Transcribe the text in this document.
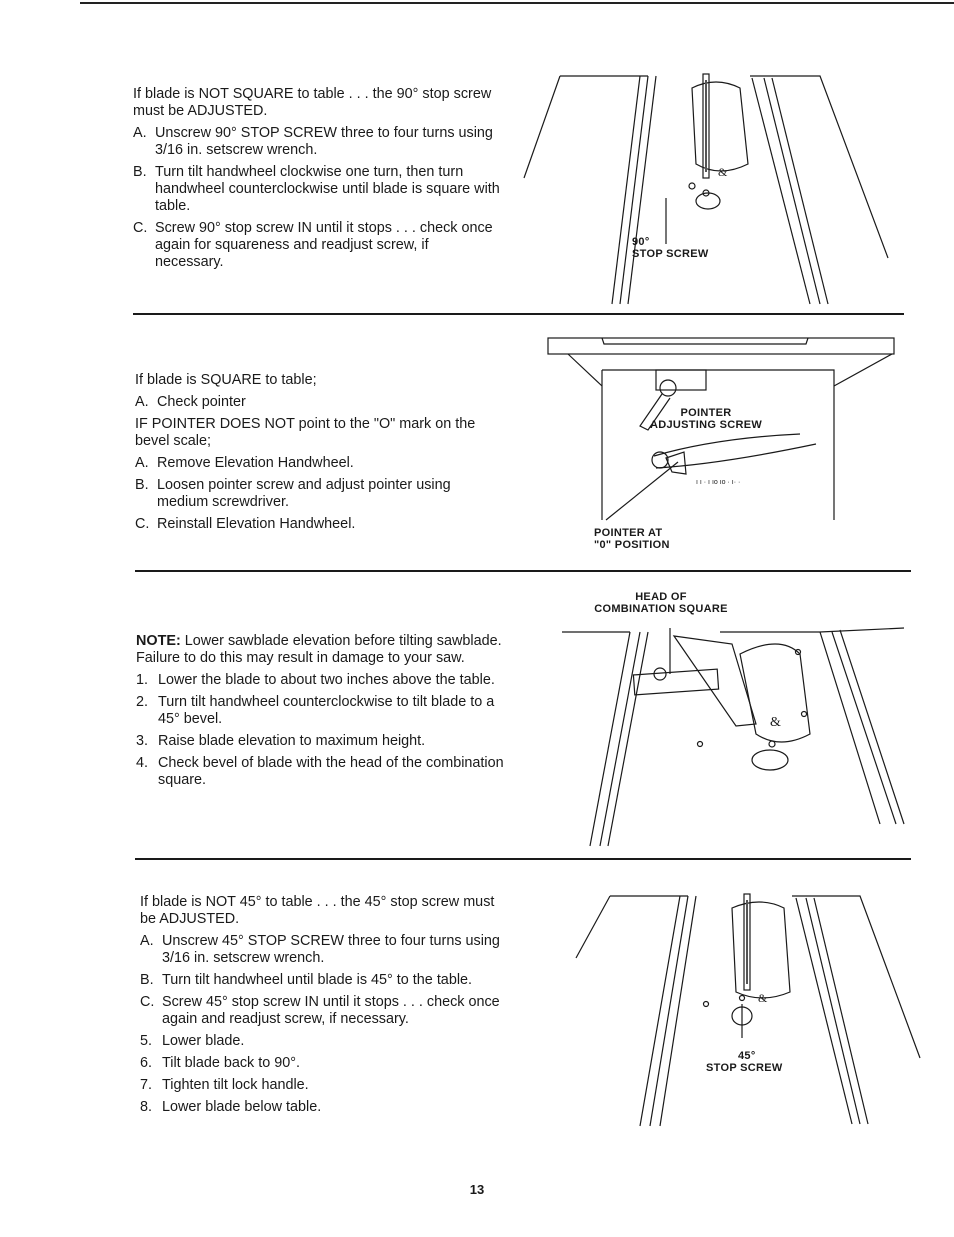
If blade is NOT SQUARE to table . . . the 90° stop screw must be ADJUSTED.

A. Unscrew 90° STOP SCREW three to four turns using 3/16 in. setscrew wrench.
B. Turn tilt handwheel clockwise one turn, then turn handwheel counterclockwise until blade is square with table.
C. Screw 90° stop screw IN until it stops . . . check once again for squareness and readjust screw, if necessary.
&
90°
STOP SCREW

If blade is SQUARE to table;

A. Check pointer

IF POINTER DOES NOT point to the "O" mark on the bevel scale;

A. Remove Elevation Handwheel.
B. Loosen pointer screw and adjust pointer using medium screwdriver.
C. Reinstall Elevation Handwheel.
ı ı · ı ıo ıo · ı· ·
POINTER
ADJUSTING SCREW
POINTER AT
"0" POSITION
HEAD OF
COMBINATION SQUARE

NOTE: Lower sawblade elevation before tilting sawblade. Failure to do this may result in damage to your saw.

1. Lower the blade to about two inches above the table.
2. Turn tilt handwheel counterclockwise to tilt blade to a 45° bevel.
3. Raise blade elevation to maximum height.
4. Check bevel of blade with the head of the combination square.
&

If blade is NOT 45° to table . . . the 45° stop screw must be ADJUSTED.

A. Unscrew 45° STOP SCREW three to four turns using 3/16 in. setscrew wrench.
B. Turn tilt handwheel until blade is 45° to the table.
C. Screw 45° stop screw IN until it stops . . . check once again and readjust screw, if necessary.
5. Lower blade.
6. Tilt blade back to 90°.
7. Tighten tilt lock handle.
8. Lower blade below table.
&
45°
STOP SCREW
13
